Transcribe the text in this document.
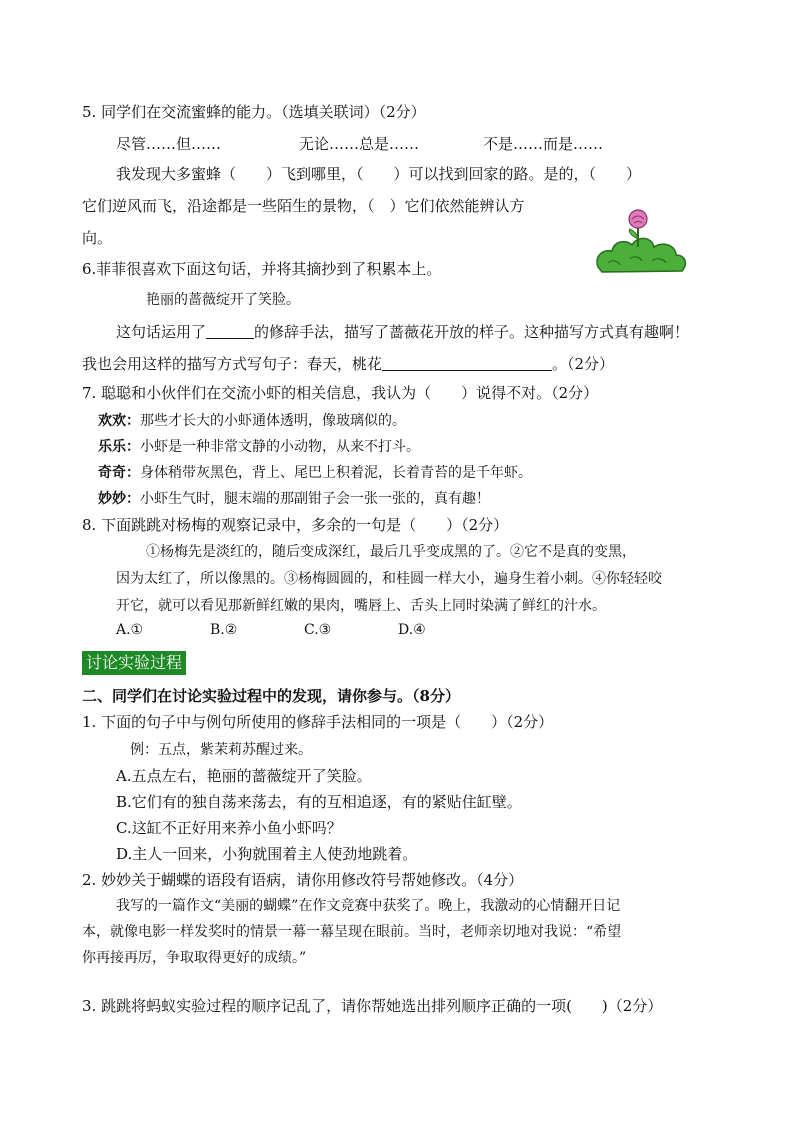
5. 同学们在交流蜜蜂的能力。（选填关联词）（2分）
尽管……但……	无论……总是……	不是……而是……
我发现大多蜜蜂（　　）飞到哪里，（　　）可以找到回家的路。是的，（　　）
它们逆风而飞，沿途都是一些陌生的景物，（　）它们依然能辨认方
向。
6.菲菲很喜欢下面这句话，并将其摘抄到了积累本上。
艳丽的蔷薇绽开了笑脸。
这句话运用了	的修辞手法，描写了蔷薇花开放的样子。这种描写方式真有趣啊！
我也会用这样的描写方式写句子：春天，桃花	。（2分）
7. 聪聪和小伙伴们在交流小虾的相关信息，我认为（　　）说得不对。（2分）
欢欢：那些才长大的小虾通体透明，像玻璃似的。
乐乐：小虾是一种非常文静的小动物，从来不打斗。
奇奇：身体稍带灰黑色，背上、尾巴上积着泥，长着青苔的是千年虾。
妙妙：小虾生气时，腿末端的那副钳子会一张一张的，真有趣！
8. 下面跳跳对杨梅的观察记录中，多余的一句是（　　）（2分）
①杨梅先是淡红的，随后变成深红，最后几乎变成黑的了。②它不是真的变黑，
因为太红了，所以像黑的。③杨梅圆圆的，和桂圆一样大小，遍身生着小刺。④你轻轻咬
开它，就可以看见那新鲜红嫩的果肉，嘴唇上、舌头上同时染满了鲜红的汁水。
A.①	B.②	C.③	D.④
讨论实验过程
二、同学们在讨论实验过程中的发现，请你参与。（8分）
1. 下面的句子中与例句所使用的修辞手法相同的一项是（　　）（2分）
例：五点，紫茉莉苏醒过来。
A.五点左右，艳丽的蔷薇绽开了笑脸。
B.它们有的独自荡来荡去，有的互相追逐，有的紧贴住缸壁。
C.这缸不正好用来养小鱼小虾吗？
D.主人一回来，小狗就围着主人使劲地跳着。
2. 妙妙关于蝴蝶的语段有语病，请你用修改符号帮她修改。（4分）
我写的一篇作文“美丽的蝴蝶”在作文竞赛中获奖了。晚上，我激动的心情翻开日记
本，就像电影一样发奖时的情景一幕一幕呈现在眼前。当时，老师亲切地对我说：“希望
你再接再厉，争取取得更好的成绩。”
3. 跳跳将蚂蚁实验过程的顺序记乱了，请你帮她选出排列顺序正确的一项(　　)（2分）
